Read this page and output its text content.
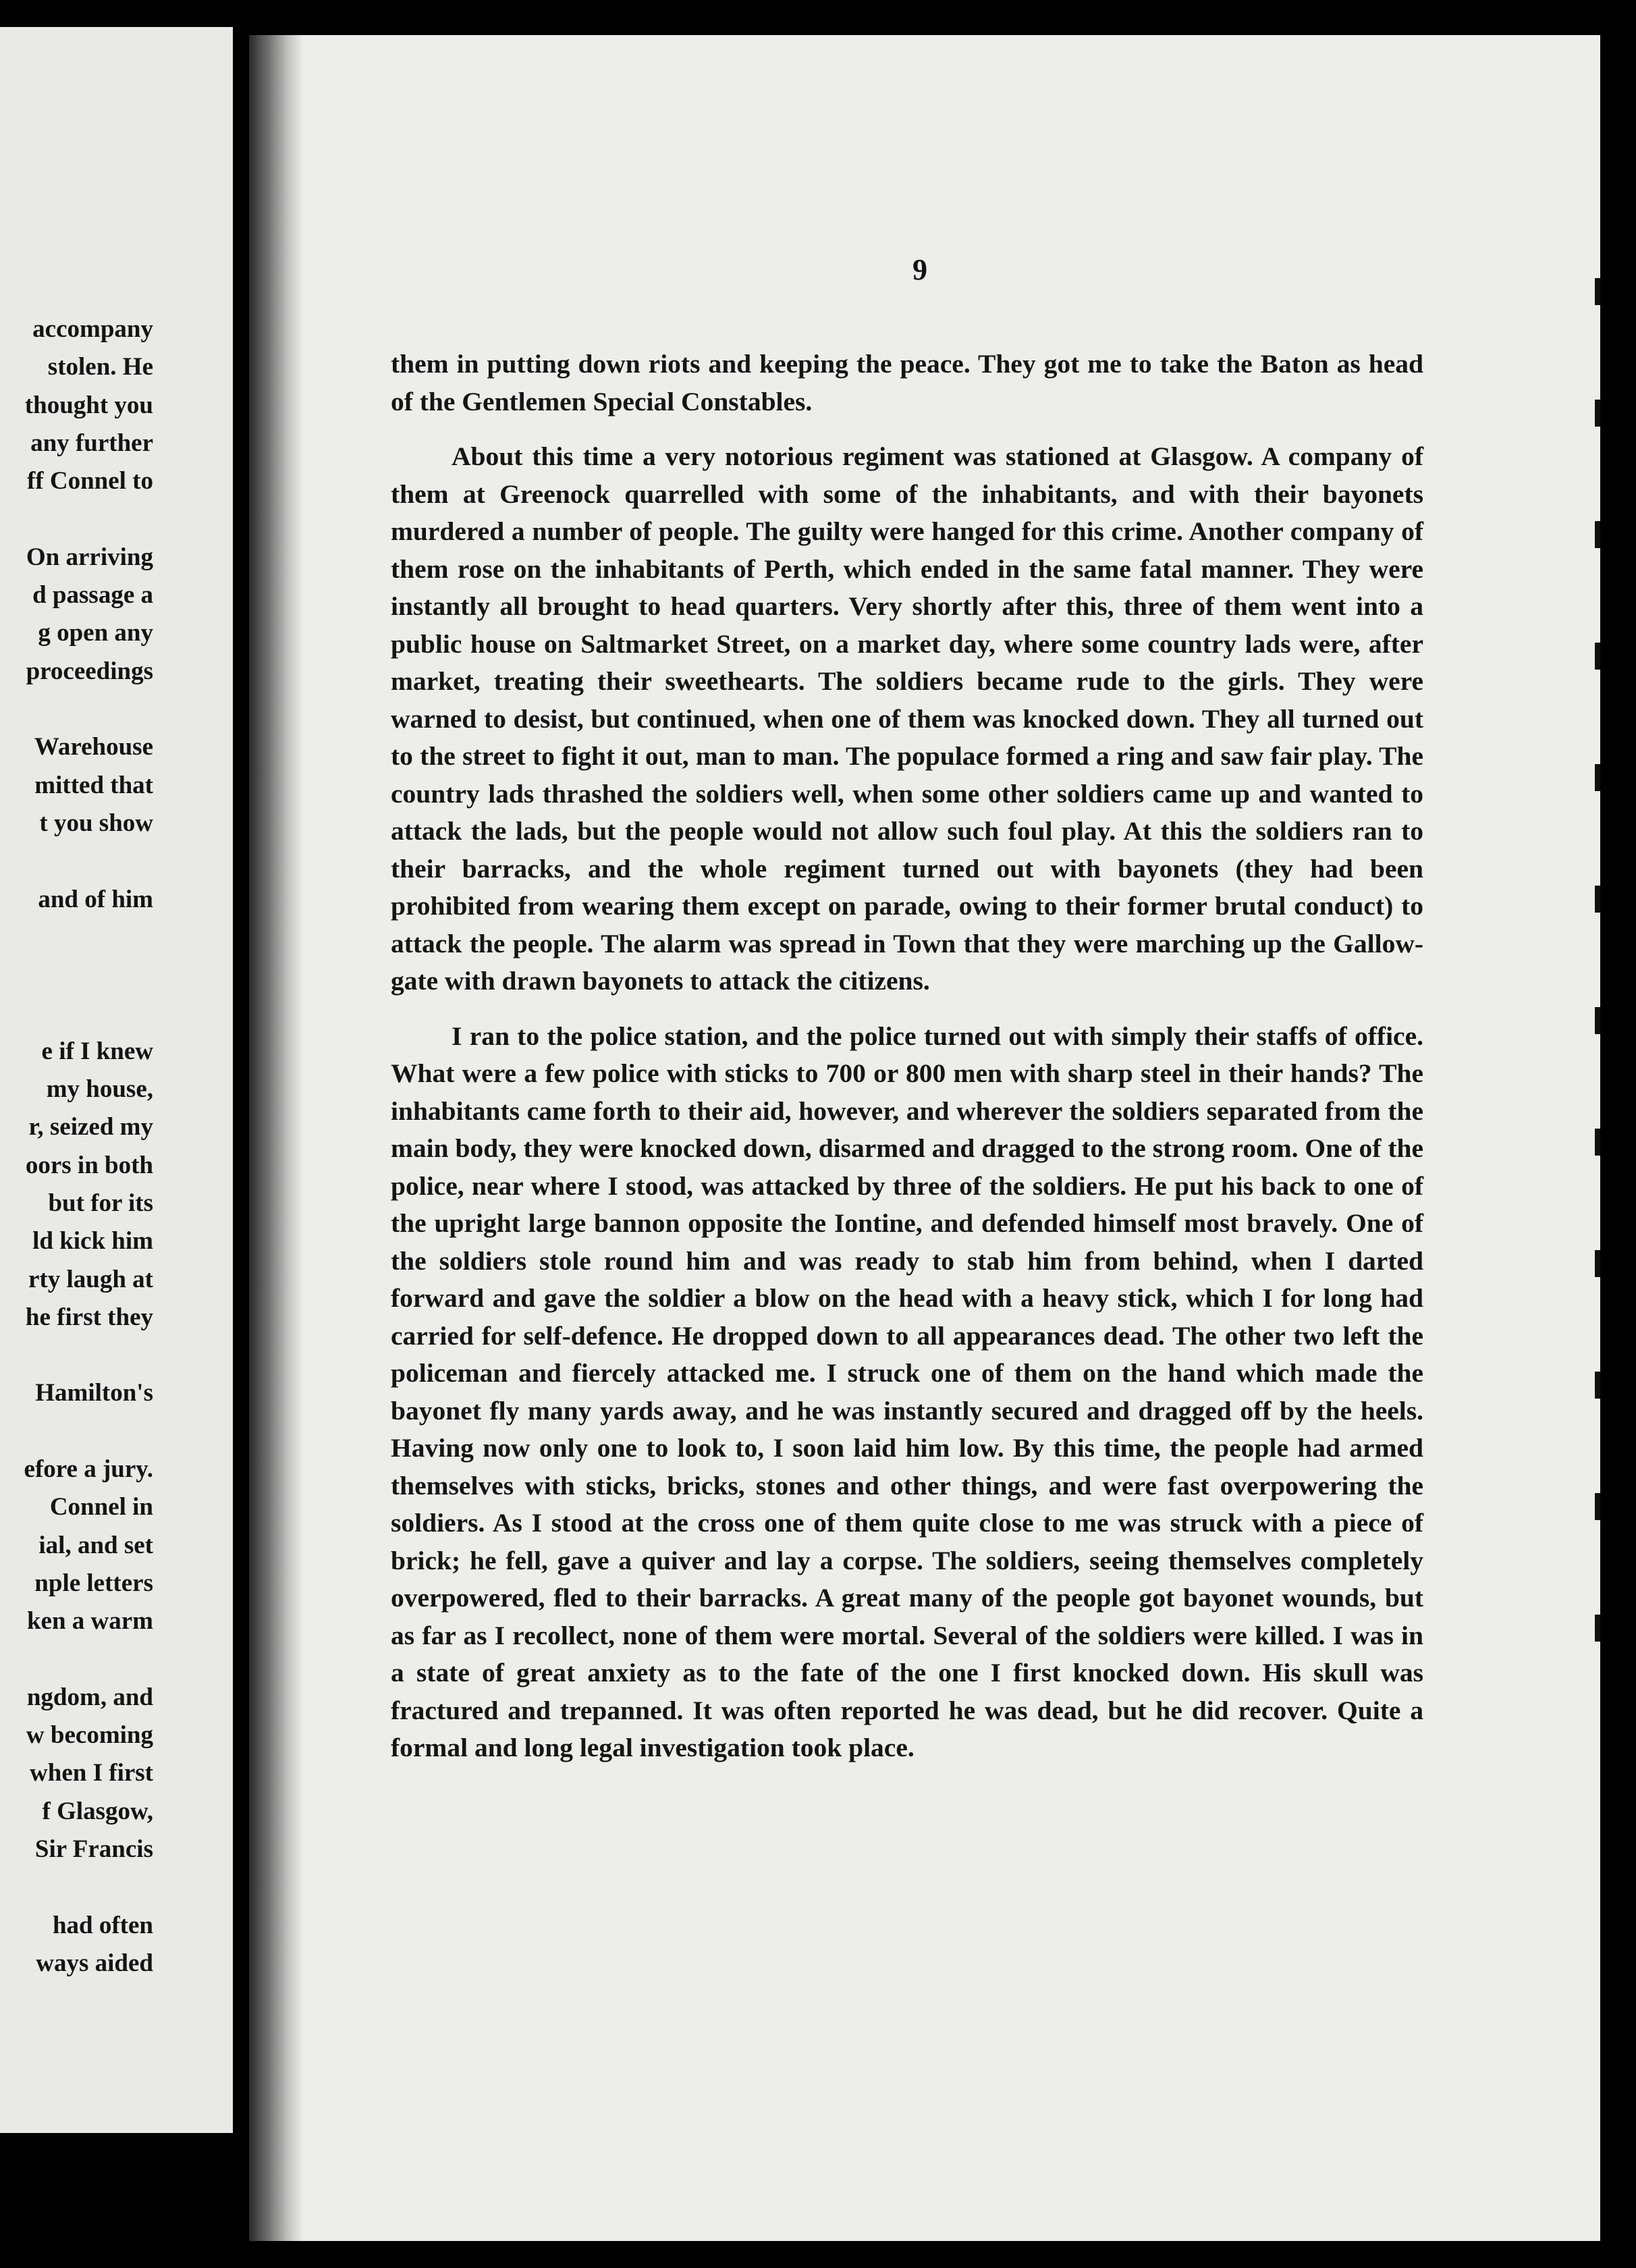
accompany
stolen. He
thought you
any further
ff Connel to
On arriving
d passage a
g open any
proceedings
Warehouse
mitted that
t you show
and of him
e if I knew
my house,
r, seized my
oors in both
but for its
ld kick him
rty laugh at
he first they
Hamilton's
efore a jury.
Connel in
ial, and set
nple letters
ken a warm
ngdom, and
w becoming
when I first
f Glasgow,
Sir Francis
had often
ways aided
9

them in putting down riots and keeping the peace. They got me to take the Baton as head of the Gentlemen Special Constables.

About this time a very notorious regiment was stationed at Glasgow. A company of them at Greenock quarrelled with some of the inhabitants, and with their bayonets murdered a number of people. The guilty were hanged for this crime. Another company of them rose on the inhabitants of Perth, which ended in the same fatal manner. They were instantly all brought to head quarters. Very shortly after this, three of them went into a public house on Saltmarket Street, on a market day, where some country lads were, after market, treating their sweethearts. The soldiers became rude to the girls. They were warned to desist, but continued, when one of them was knocked down. They all turned out to the street to fight it out, man to man. The populace formed a ring and saw fair play. The country lads thrashed the soldiers well, when some other soldiers came up and wanted to attack the lads, but the people would not allow such foul play. At this the soldiers ran to their barracks, and the whole regiment turned out with bayonets (they had been prohibited from wearing them except on parade, owing to their former brutal conduct) to attack the people. The alarm was spread in Town that they were marching up the Gallow-gate with drawn bayonets to attack the citizens.

I ran to the police station, and the police turned out with simply their staffs of office. What were a few police with sticks to 700 or 800 men with sharp steel in their hands? The inhabitants came forth to their aid, however, and wherever the soldiers separated from the main body, they were knocked down, disarmed and dragged to the strong room. One of the police, near where I stood, was attacked by three of the soldiers. He put his back to one of the upright large bannon opposite the Iontine, and defended himself most bravely. One of the soldiers stole round him and was ready to stab him from behind, when I darted forward and gave the soldier a blow on the head with a heavy stick, which I for long had carried for self-defence. He dropped down to all appearances dead. The other two left the policeman and fiercely attacked me. I struck one of them on the hand which made the bayonet fly many yards away, and he was instantly secured and dragged off by the heels. Having now only one to look to, I soon laid him low. By this time, the people had armed themselves with sticks, bricks, stones and other things, and were fast overpowering the soldiers. As I stood at the cross one of them quite close to me was struck with a piece of brick; he fell, gave a quiver and lay a corpse. The soldiers, seeing themselves completely overpowered, fled to their barracks. A great many of the people got bayonet wounds, but as far as I recollect, none of them were mortal. Several of the soldiers were killed. I was in a state of great anxiety as to the fate of the one I first knocked down. His skull was fractured and trepanned. It was often reported he was dead, but he did recover. Quite a formal and long legal investigation took place.
